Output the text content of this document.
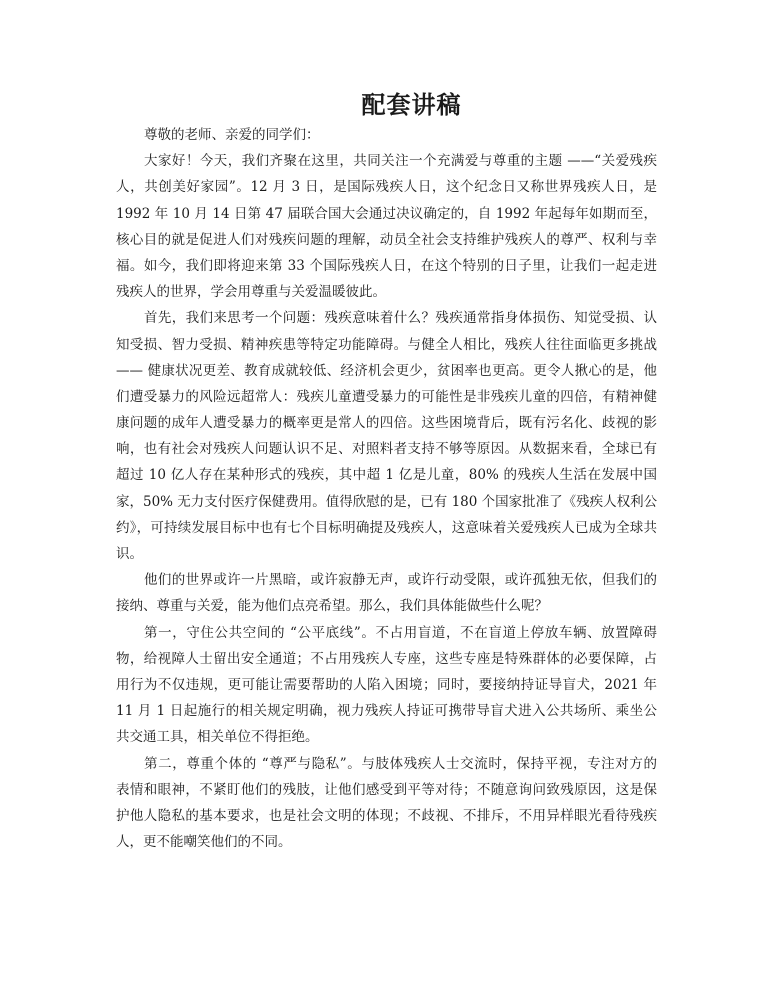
配套讲稿
尊敬的老师、亲爱的同学们：
大家好！今天，我们齐聚在这里，共同关注一个充满爱与尊重的主题 ——“关爱残疾
人，共创美好家园”。12 月 3 日，是国际残疾人日，这个纪念日又称世界残疾人日，是
1992 年 10 月 14 日第 47 届联合国大会通过决议确定的，自 1992 年起每年如期而至，
核心目的就是促进人们对残疾问题的理解，动员全社会支持维护残疾人的尊严、权利与幸
福。如今，我们即将迎来第 33 个国际残疾人日，在这个特别的日子里，让我们一起走进
残疾人的世界，学会用尊重与关爱温暖彼此。
首先，我们来思考一个问题：残疾意味着什么？残疾通常指身体损伤、知觉受损、认
知受损、智力受损、精神疾患等特定功能障碍。与健全人相比，残疾人往往面临更多挑战
—— 健康状况更差、教育成就较低、经济机会更少，贫困率也更高。更令人揪心的是，他
们遭受暴力的风险远超常人：残疾儿童遭受暴力的可能性是非残疾儿童的四倍，有精神健
康问题的成年人遭受暴力的概率更是常人的四倍。这些困境背后，既有污名化、歧视的影
响，也有社会对残疾人问题认识不足、对照料者支持不够等原因。从数据来看，全球已有
超过 10 亿人存在某种形式的残疾，其中超 1 亿是儿童，80% 的残疾人生活在发展中国
家，50% 无力支付医疗保健费用。值得欣慰的是，已有 180 个国家批准了《残疾人权利公
约》，可持续发展目标中也有七个目标明确提及残疾人，这意味着关爱残疾人已成为全球共
识。
他们的世界或许一片黑暗，或许寂静无声，或许行动受限，或许孤独无依，但我们的
接纳、尊重与关爱，能为他们点亮希望。那么，我们具体能做些什么呢？
第一，守住公共空间的 “公平底线”。不占用盲道，不在盲道上停放车辆、放置障碍
物，给视障人士留出安全通道；不占用残疾人专座，这些专座是特殊群体的必要保障，占
用行为不仅违规，更可能让需要帮助的人陷入困境；同时，要接纳持证导盲犬，2021 年
11 月 1 日起施行的相关规定明确，视力残疾人持证可携带导盲犬进入公共场所、乘坐公
共交通工具，相关单位不得拒绝。
第二，尊重个体的 “尊严与隐私”。与肢体残疾人士交流时，保持平视，专注对方的
表情和眼神，不紧盯他们的残肢，让他们感受到平等对待；不随意询问致残原因，这是保
护他人隐私的基本要求，也是社会文明的体现；不歧视、不排斥，不用异样眼光看待残疾
人，更不能嘲笑他们的不同。
